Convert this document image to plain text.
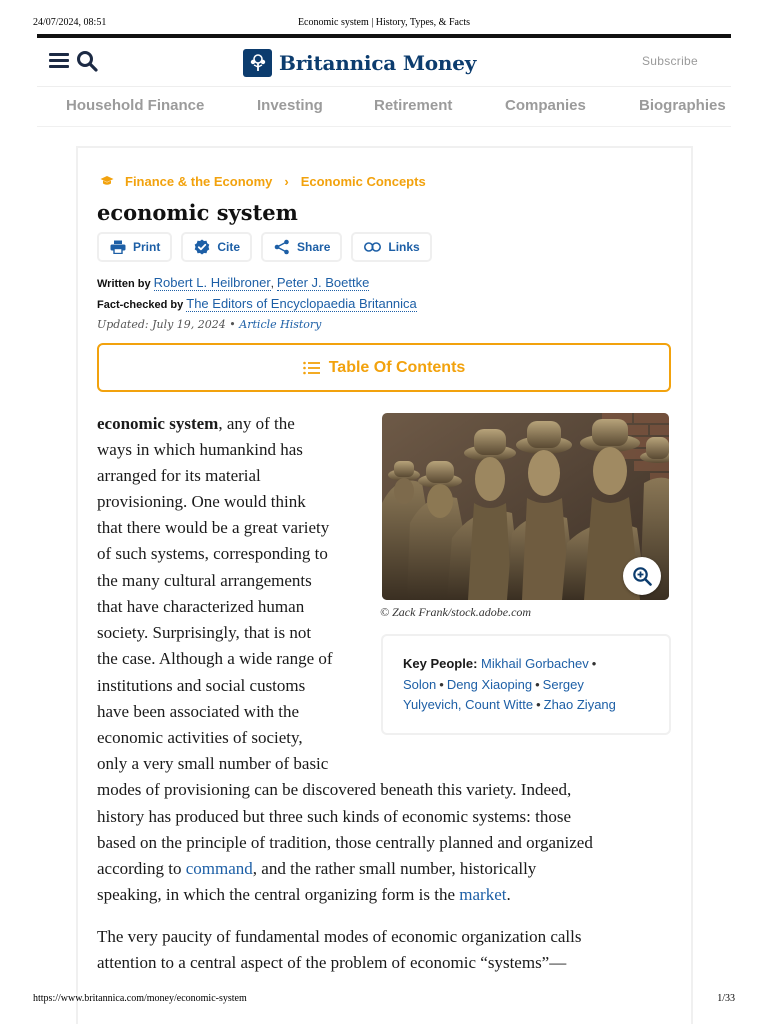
24/07/2024, 08:51	Economic system | History, Types, & Facts
Britannica Money	Subscribe
Household Finance	Investing	Retirement	Companies	Biographies
Finance & the Economy › Economic Concepts
economic system
Print	Cite	Share	Links
Written by Robert L. Heilbroner, Peter J. Boettke
Fact-checked by The Editors of Encyclopaedia Britannica
Updated: July 19, 2024 • Article History
Table Of Contents
economic system, any of the
ways in which humankind has
arranged for its material
provisioning. One would think
that there would be a great variety
of such systems, corresponding to
the many cultural arrangements
that have characterized human
society. Surprisingly, that is not
the case. Although a wide range of
institutions and social customs
have been associated with the
economic activities of society,
only a very small number of basic
modes of provisioning can be discovered beneath this variety. Indeed,
history has produced but three such kinds of economic systems: those
based on the principle of tradition, those centrally planned and organized
according to command, and the rather small number, historically
speaking, in which the central organizing form is the market.
The very paucity of fundamental modes of economic organization calls
attention to a central aspect of the problem of economic “systems”—
© Zack Frank/stock.adobe.com
Key People: Mikhail Gorbachev •
Solon • Deng Xiaoping • Sergey
Yulyevich, Count Witte • Zhao Ziyang
https://www.britannica.com/money/economic-system	1/33
